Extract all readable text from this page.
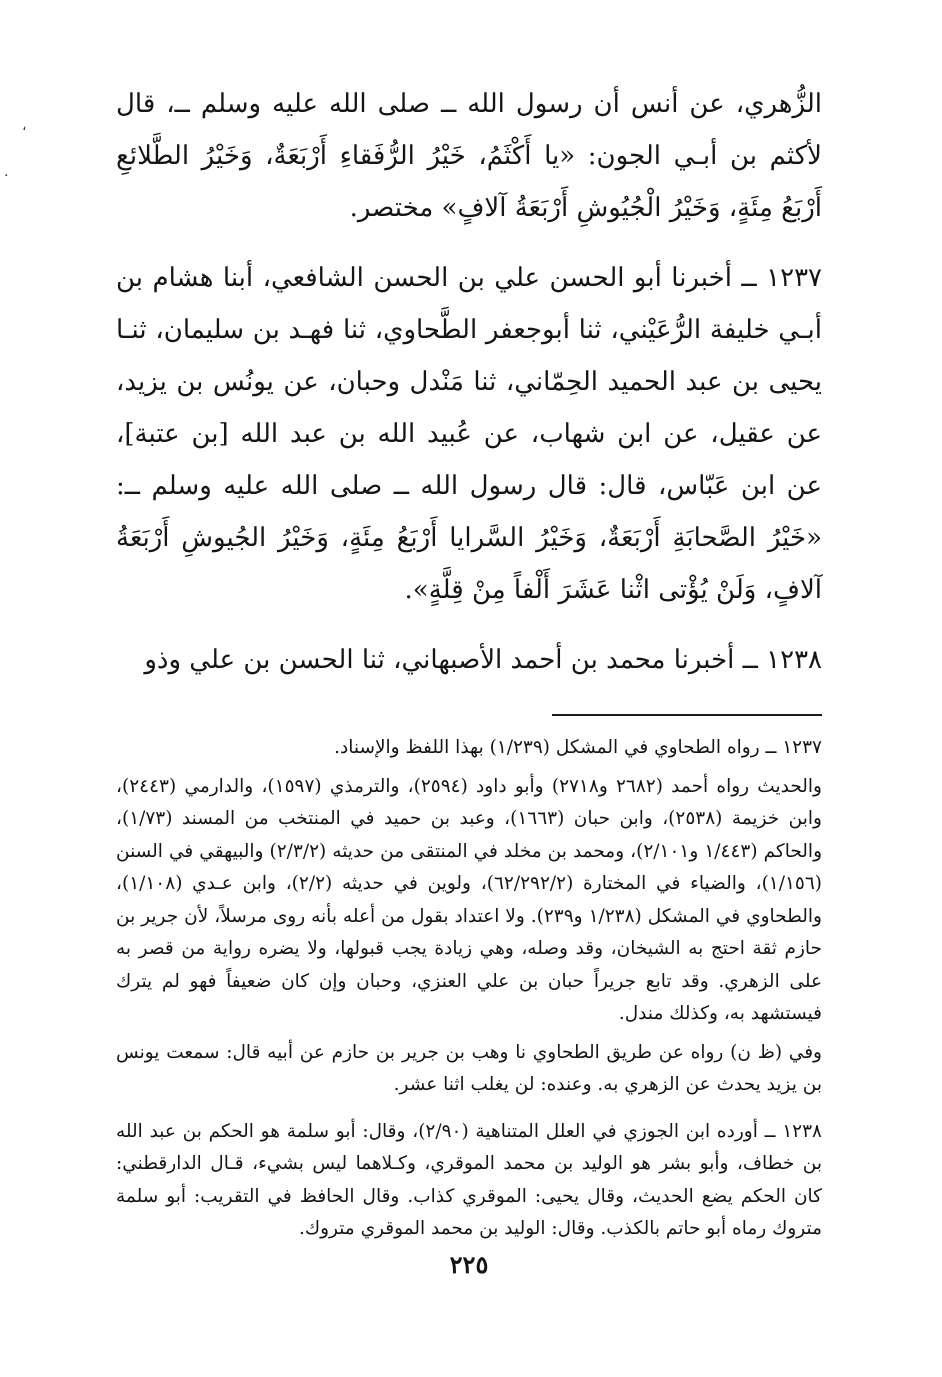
،
.

الزُّهري، عن أنس أن رسول الله ــ صلى الله عليه وسلم ــ، قال لأكثم بن أبـي الجون: «يا أَكْثَمُ، خَيْرُ الرُّفَقاءِ أَرْبَعَةٌ، وَخَيْرُ الطَّلائعِ أَرْبَعُ مِئَةٍ، وَخَيْرُ الْجُيُوشِ أَرْبَعَةُ آلافٍ» مختصر.

١٢٣٧ ــ أخبرنا أبو الحسن علي بن الحسن الشافعي، أبنا هشام بن أبـي خليفة الرُّعَيْني، ثنا أبوجعفر الطَّحاوي، ثنا فهـد بن سليمان، ثنـا يحيى بن عبد الحميد الحِمّاني، ثنا مَنْدل وحبان، عن يونُس بن يزيد، عن عقيل، عن ابن شهاب، عن عُبيد الله بن عبد الله [بن عتبة]، عن ابن عَبّاس، قال: قال رسول الله ــ صلى الله عليه وسلم ــ: «خَيْرُ الصَّحابَةِ أَرْبَعَةٌ، وَخَيْرُ السَّرايا أَرْبَعُ مِئَةٍ، وَخَيْرُ الجُيوشِ أَرْبَعَةُ آلافٍ، وَلَنْ يُؤْتى اثْنا عَشَرَ أَلْفاً مِنْ قِلَّةٍ».

١٢٣٨ ــ أخبرنا محمد بن أحمد الأصبهاني، ثنا الحسن بن علي وذو

١٢٣٧ ــ رواه الطحاوي في المشكل (١/٢٣٩) بهذا اللفظ والإسناد.

والحديث رواه أحمد (٢٦٨٢ و٢٧١٨) وأبو داود (٢٥٩٤)، والترمذي (١٥٩٧)، والدارمي (٢٤٤٣)، وابن خزيمة (٢٥٣٨)، وابن حبان (١٦٦٣)، وعبد بن حميد في المنتخب من المسند (١/٧٣)، والحاكم (١/٤٤٣ و٢/١٠١)، ومحمد بن مخلد في المنتقى من حديثه (٢/٣/٢) والبيهقي في السنن (١/١٥٦)، والضياء في المختارة (٦٢/٢٩٢/٢)، ولوين في حديثه (٢/٢)، وابن عـدي (١/١٠٨)، والطحاوي في المشكل (١/٢٣٨ و٢٣٩). ولا اعتداد بقول من أعله بأنه روى مرسلاً، لأن جرير بن حازم ثقة احتج به الشيخان، وقد وصله، وهي زيادة يجب قبولها، ولا يضره رواية من قصر به على الزهري. وقد تابع جريراً حبان بن علي العنزي، وحبان وإن كان ضعيفاً فهو لم يترك فيستشهد به، وكذلك مندل.

وفي (ظ ن) رواه عن طريق الطحاوي نا وهب بن جرير بن حازم عن أبيه قال: سمعت يونس بن يزيد يحدث عن الزهري به. وعنده: لن يغلب اثنا عشر.

١٢٣٨ ــ أورده ابن الجوزي في العلل المتناهية (٢/٩٠)، وقال: أبو سلمة هو الحكم بن عبد الله بن خطاف، وأبو بشر هو الوليد بن محمد الموقري، وكـلاهما ليس بشيء، قـال الدارقطني: كان الحكم يضع الحديث، وقال يحيى: الموقري كذاب. وقال الحافظ في التقريب: أبو سلمة متروك رماه أبو حاتم بالكذب. وقال: الوليد بن محمد الموقري متروك.

٢٢٥
